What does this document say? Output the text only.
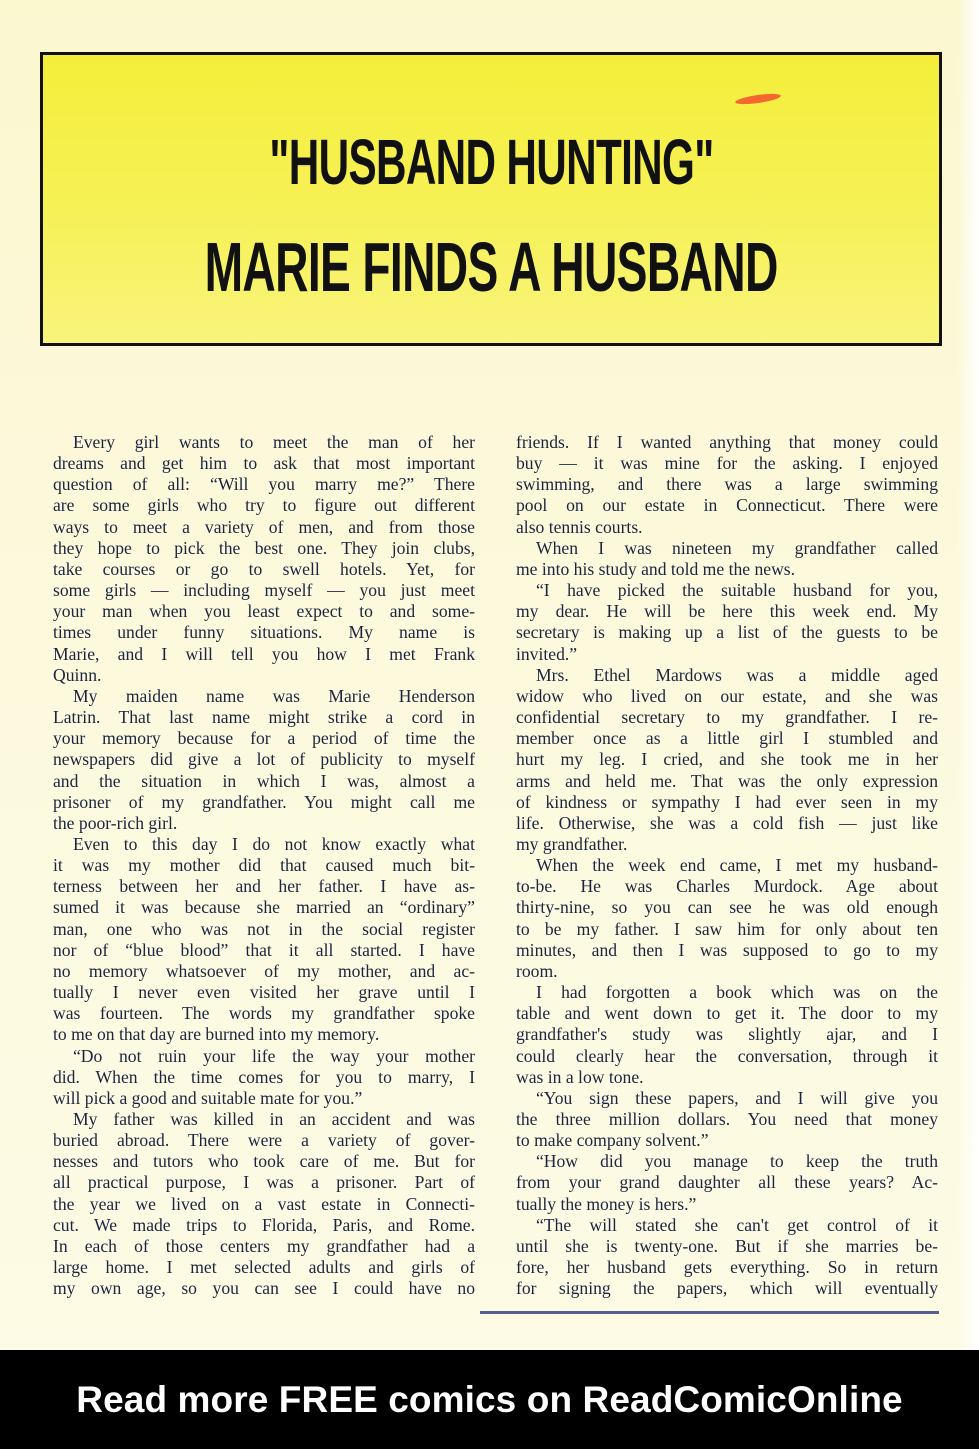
"HUSBAND HUNTING"
MARIE FINDS A HUSBAND
Every girl wants to meet the man of her
dreams and get him to ask that most important
question of all: “Will you marry me?” There
are some girls who try to figure out different
ways to meet a variety of men, and from those
they hope to pick the best one. They join clubs,
take courses or go to swell hotels. Yet, for
some girls — including myself — you just meet
your man when you least expect to and some-
times under funny situations. My name is
Marie, and I will tell you how I met Frank
Quinn.
My maiden name was Marie Henderson
Latrin. That last name might strike a cord in
your memory because for a period of time the
newspapers did give a lot of publicity to myself
and the situation in which I was, almost a
prisoner of my grandfather. You might call me
the poor-rich girl.
Even to this day I do not know exactly what
it was my mother did that caused much bit-
terness between her and her father. I have as-
sumed it was because she married an “ordinary”
man, one who was not in the social register
nor of “blue blood” that it all started. I have
no memory whatsoever of my mother, and ac-
tually I never even visited her grave until I
was fourteen. The words my grandfather spoke
to me on that day are burned into my memory.
“Do not ruin your life the way your mother
did. When the time comes for you to marry, I
will pick a good and suitable mate for you.”
My father was killed in an accident and was
buried abroad. There were a variety of gover-
nesses and tutors who took care of me. But for
all practical purpose, I was a prisoner. Part of
the year we lived on a vast estate in Connecti-
cut. We made trips to Florida, Paris, and Rome.
In each of those centers my grandfather had a
large home. I met selected adults and girls of
my own age, so you can see I could have no
friends. If I wanted anything that money could
buy — it was mine for the asking. I enjoyed
swimming, and there was a large swimming
pool on our estate in Connecticut. There were
also tennis courts.
When I was nineteen my grandfather called
me into his study and told me the news.
“I have picked the suitable husband for you,
my dear. He will be here this week end. My
secretary is making up a list of the guests to be
invited.”
Mrs. Ethel Mardows was a middle aged
widow who lived on our estate, and she was
confidential secretary to my grandfather. I re-
member once as a little girl I stumbled and
hurt my leg. I cried, and she took me in her
arms and held me. That was the only expression
of kindness or sympathy I had ever seen in my
life. Otherwise, she was a cold fish — just like
my grandfather.
When the week end came, I met my husband-
to-be. He was Charles Murdock. Age about
thirty-nine, so you can see he was old enough
to be my father. I saw him for only about ten
minutes, and then I was supposed to go to my
room.
I had forgotten a book which was on the
table and went down to get it. The door to my
grandfather's study was slightly ajar, and I
could clearly hear the conversation, through it
was in a low tone.
“You sign these papers, and I will give you
the three million dollars. You need that money
to make company solvent.”
“How did you manage to keep the truth
from your grand daughter all these years? Ac-
tually the money is hers.”
“The will stated she can't get control of it
until she is twenty-one. But if she marries be-
fore, her husband gets everything. So in return
for signing the papers, which will eventually
Read more FREE comics on ReadComicOnline
